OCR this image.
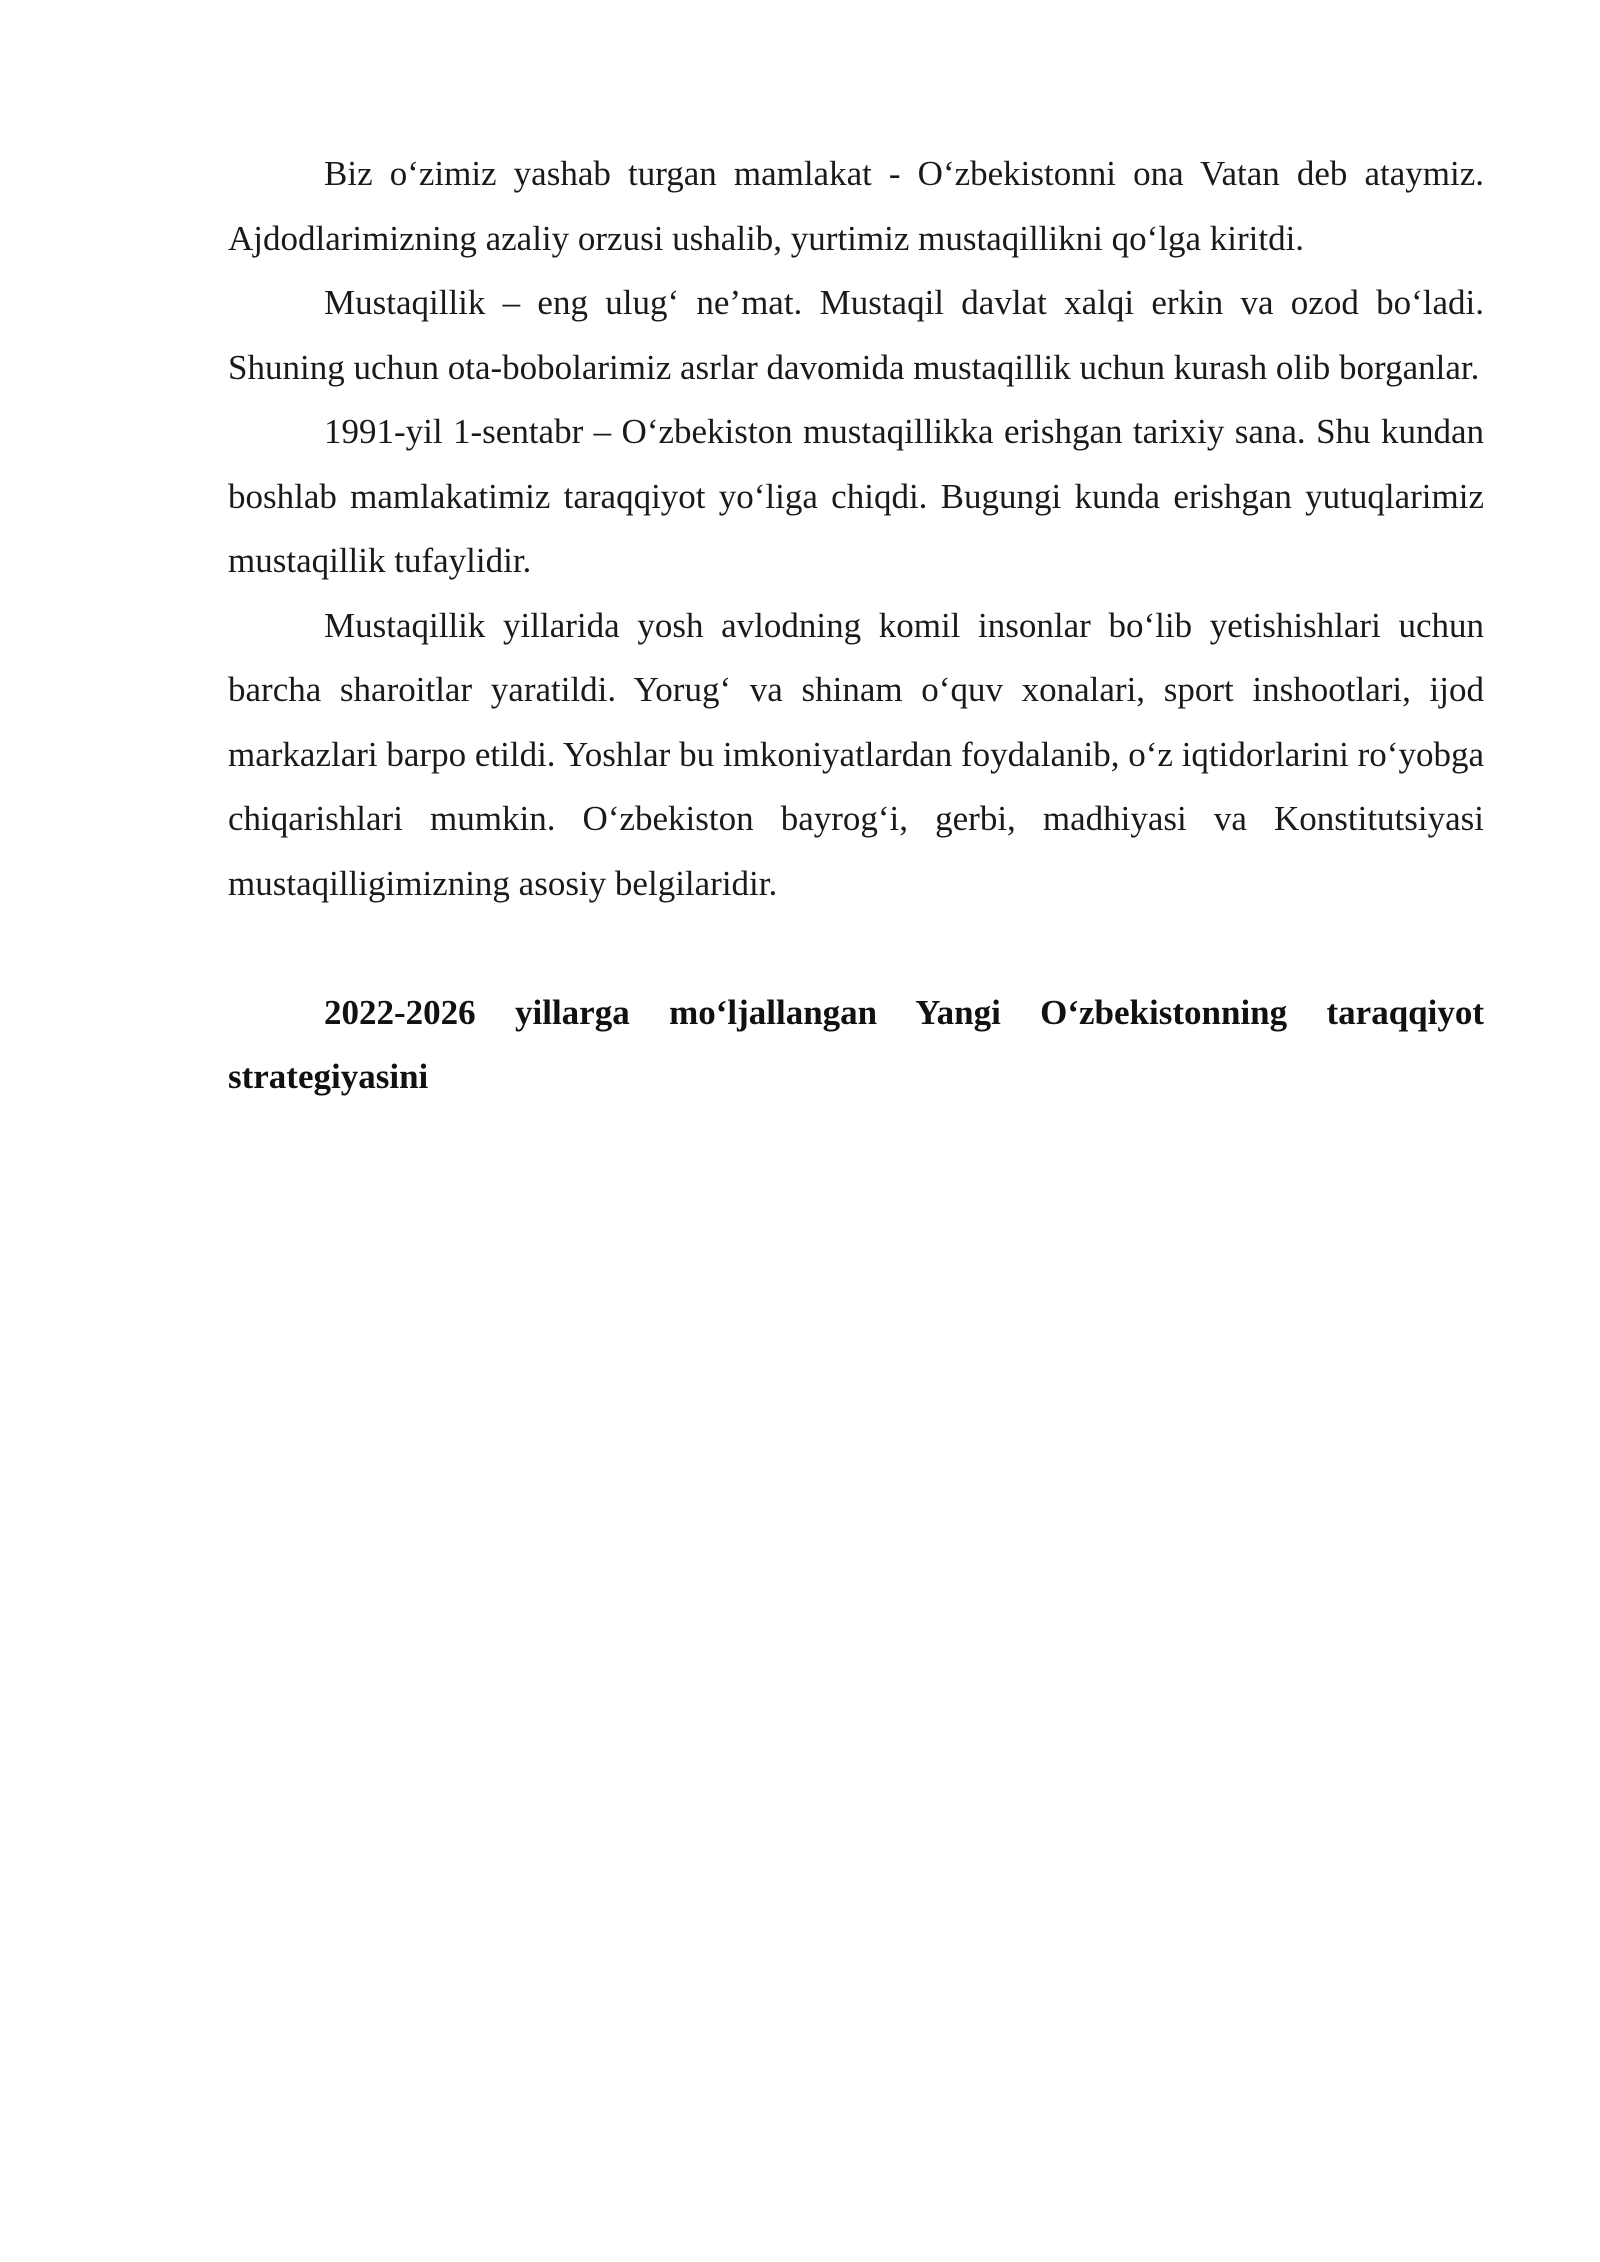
Biz o‘zimiz yashab turgan mamlakat - O‘zbekistonni ona Vatan deb ataymiz. Ajdodlarimizning azaliy orzusi ushalib, yurtimiz mustaqillikni qo‘lga kiritdi.

Mustaqillik – eng ulug‘ ne’mat. Mustaqil davlat xalqi erkin va ozod bo‘ladi. Shuning uchun ota-bobolarimiz asrlar davomida mustaqillik uchun kurash olib borganlar.

1991-yil 1-sentabr – O‘zbekiston mustaqillikka erishgan tarixiy sana. Shu kundan boshlab mamlakatimiz taraqqiyot yo‘liga chiqdi. Bugungi kunda erishgan yutuqlarimiz mustaqillik tufaylidir.

Mustaqillik yillarida yosh avlodning komil insonlar bo‘lib yetishishlari uchun barcha sharoitlar yaratildi. Yorug‘ va shinam o‘quv xonalari, sport inshootlari, ijod markazlari barpo etildi. Yoshlar bu imkoniyatlardan foydalanib, o‘z iqtidorlarini ro‘yobga chiqarishlari mumkin. O‘zbekiston bayrog‘i, gerbi, madhiyasi va Konstitutsiyasi mustaqilligimizning asosiy belgilaridir.

2022-2026 yillarga mo‘ljallangan Yangi O‘zbekistonning taraqqiyot strategiyasini
